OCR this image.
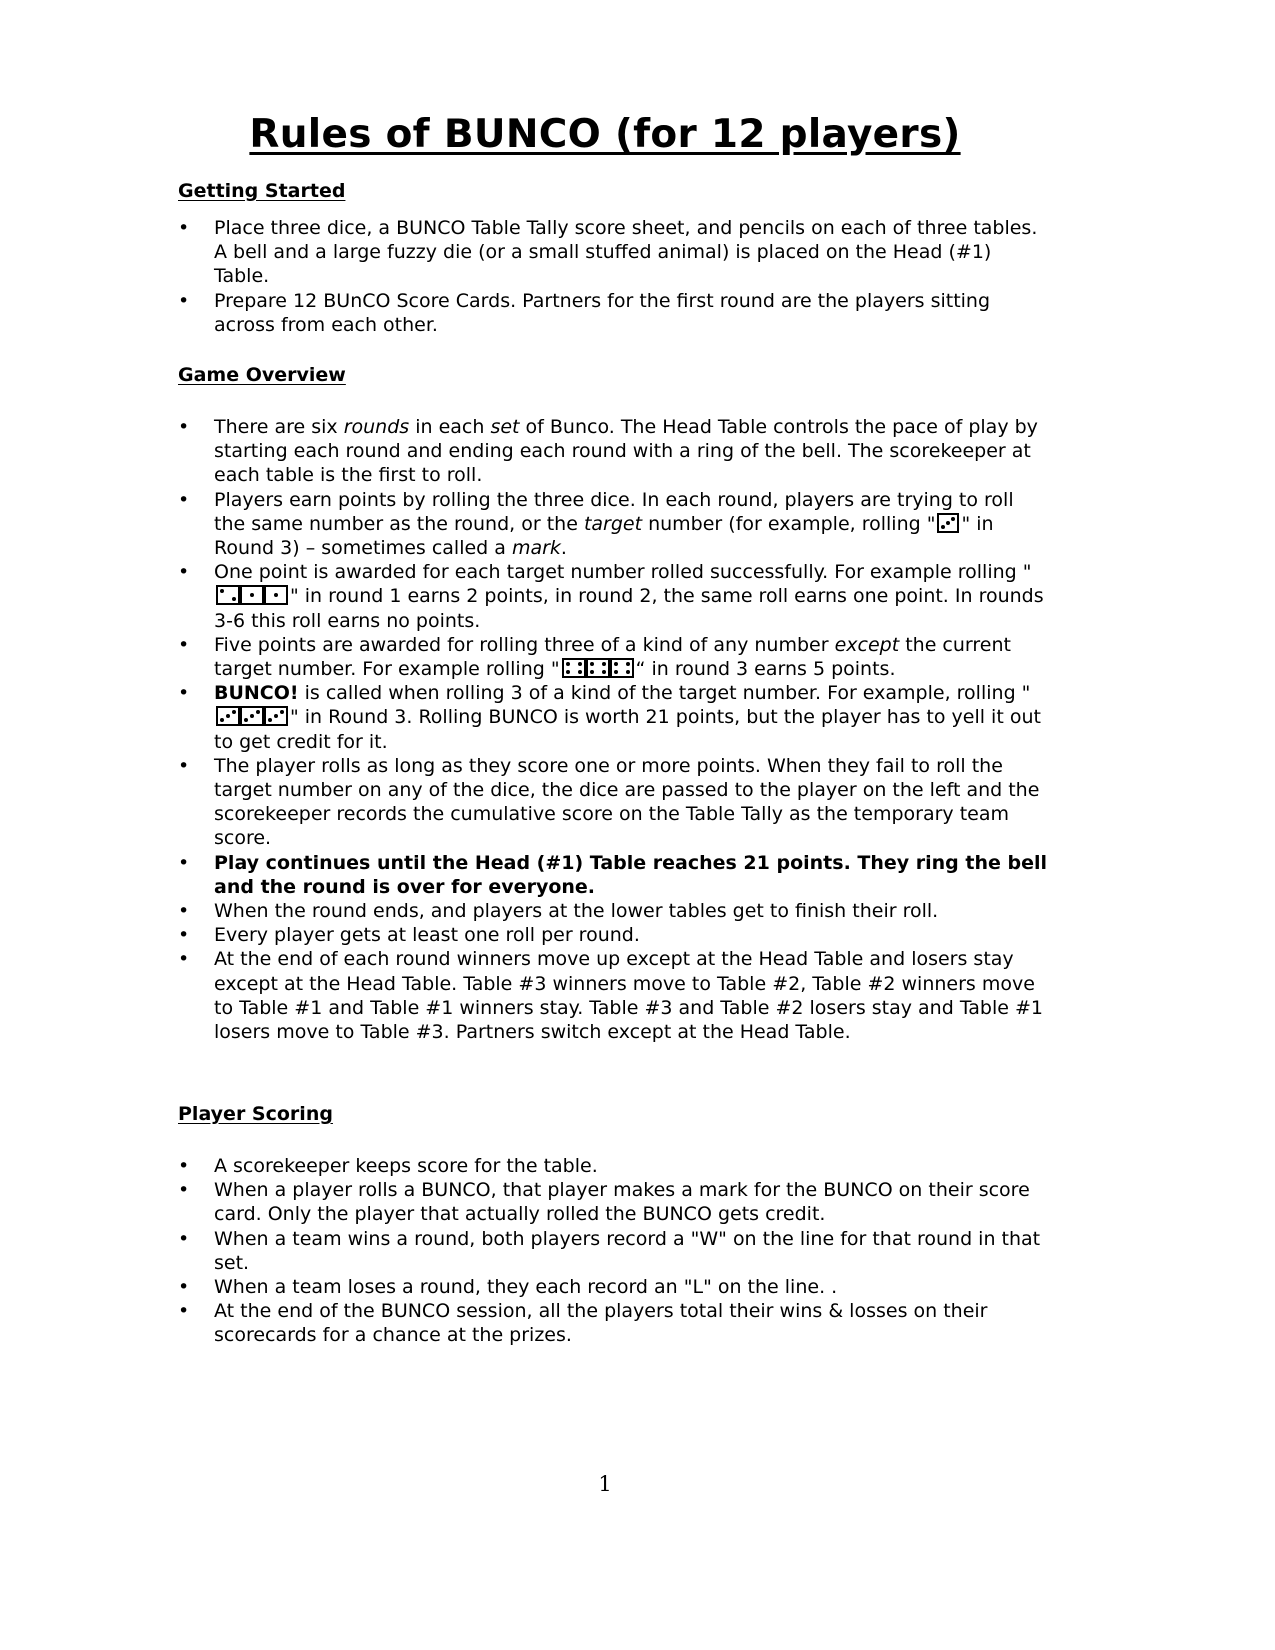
Rules of BUNCO (for 12 players)
Getting Started
• Place three dice, a BUNCO Table Tally score sheet, and pencils on each of three tables. A bell and a large fuzzy die (or a small stuffed animal) is placed on the Head (#1) Table.
• Prepare 12 BUnCO Score Cards. Partners for the first round are the players sitting across from each other.
Game Overview
• There are six rounds in each set of Bunco. The Head Table controls the pace of play by starting each round and ending each round with a ring of the bell. The scorekeeper at each table is the first to roll.
• Players earn points by rolling the three dice. In each round, players are trying to roll the same number as the round, or the target number (for example, rolling " " in Round 3) – sometimes called a mark.
• One point is awarded for each target number rolled successfully. For example rolling "
" in round 1 earns 2 points, in round 2, the same roll earns one point. In rounds 3-6 this roll earns no points.
• Five points are awarded for rolling three of a kind of any number except the current target number. For example rolling "	“ in round 3 earns 5 points.
• BUNCO! is called when rolling 3 of a kind of the target number. For example, rolling "
" in Round 3. Rolling BUNCO is worth 21 points, but the player has to yell it out to get credit for it.
• The player rolls as long as they score one or more points. When they fail to roll the target number on any of the dice, the dice are passed to the player on the left and the scorekeeper records the cumulative score on the Table Tally as the temporary team score.
• Play continues until the Head (#1) Table reaches 21 points. They ring the bell and the round is over for everyone.
• When the round ends, and players at the lower tables get to finish their roll.
• Every player gets at least one roll per round.
• At the end of each round winners move up except at the Head Table and losers stay except at the Head Table. Table #3 winners move to Table #2, Table #2 winners move to Table #1 and Table #1 winners stay. Table #3 and Table #2 losers stay and Table #1 losers move to Table #3. Partners switch except at the Head Table.
Player Scoring
• A scorekeeper keeps score for the table.
• When a player rolls a BUNCO, that player makes a mark for the BUNCO on their score card. Only the player that actually rolled the BUNCO gets credit.
• When a team wins a round, both players record a "W" on the line for that round in that set.
• When a team loses a round, they each record an "L" on the line. .
• At the end of the BUNCO session, all the players total their wins & losses on their scorecards for a chance at the prizes.
1
